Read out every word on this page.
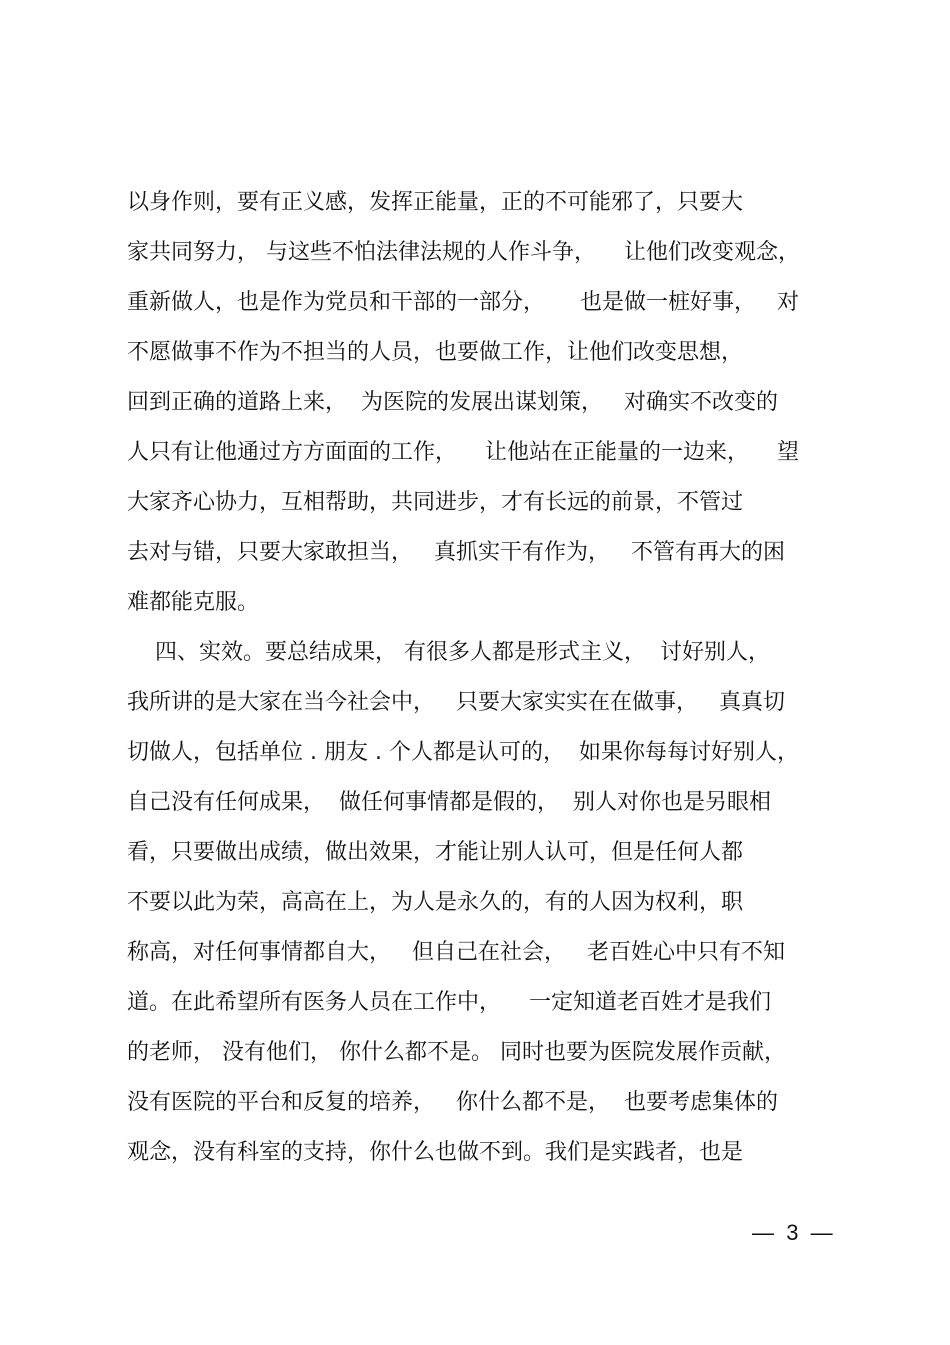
以身作则，要有正义感，发挥正能量，正的不可能邪了，只要大
家共同努力， 与这些不怕法律法规的人作斗争，    让他们改变观念，
重新做人，也是作为党员和干部的一部分，     也是做一桩好事，   对
不愿做事不作为不担当的人员，也要做工作，让他们改变思想，
回到正确的道路上来，  为医院的发展出谋划策，   对确实不改变的
人只有让他通过方方面面的工作，    让他站在正能量的一边来，    望
大家齐心协力，互相帮助，共同进步，才有长远的前景，不管过
去对与错，只要大家敢担当，   真抓实干有作为，   不管有再大的困
难都能克服。
四、实效。要总结成果， 有很多人都是形式主义，  讨好别人，
我所讲的是大家在当今社会中，   只要大家实实在在做事，   真真切
切做人，包括单位 . 朋友 . 个人都是认可的，  如果你每每讨好别人，
自己没有任何成果，  做任何事情都是假的，  别人对你也是另眼相
看，只要做出成绩，做出效果，才能让别人认可，但是任何人都
不要以此为荣，高高在上，为人是永久的，有的人因为权利，职
称高，对任何事情都自大，   但自己在社会，   老百姓心中只有不知
道。在此希望所有医务人员在工作中，    一定知道老百姓才是我们
的老师， 没有他们， 你什么都不是。 同时也要为医院发展作贡献，
没有医院的平台和反复的培养，   你什么都不是，  也要考虑集体的
观念，没有科室的支持，你什么也做不到。我们是实践者，也是
—  3  —
